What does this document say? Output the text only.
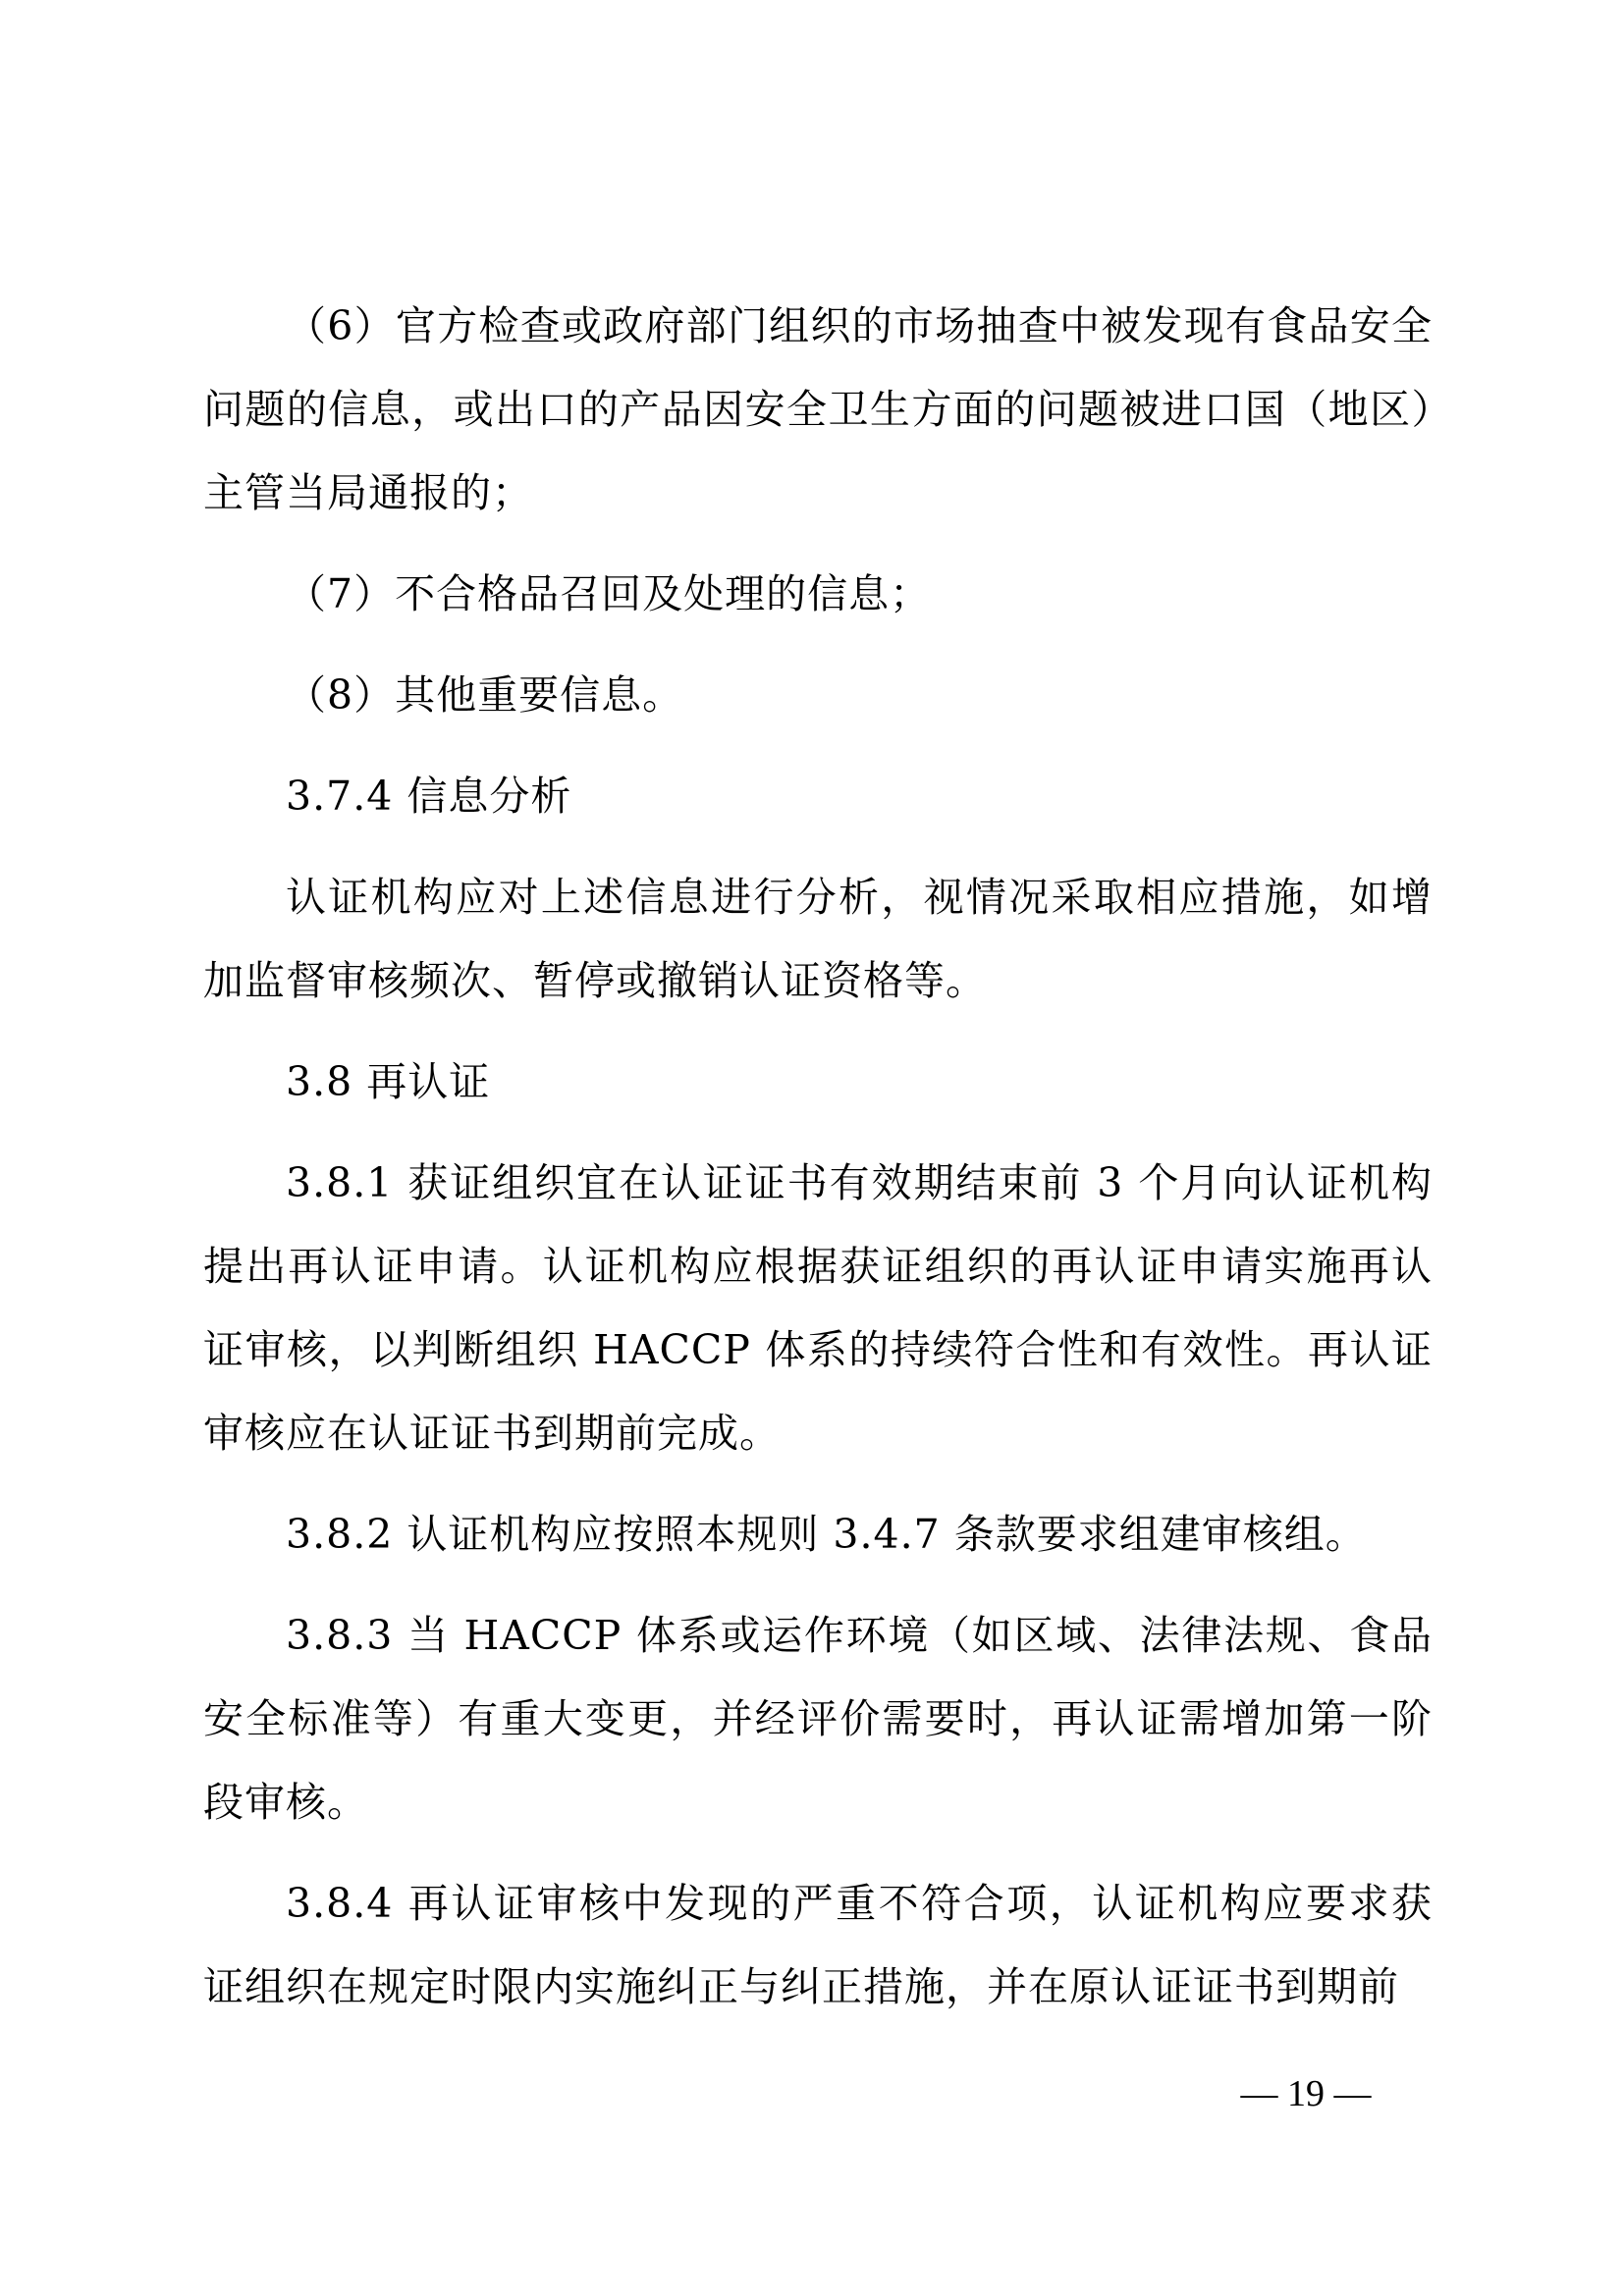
（6）官方检查或政府部门组织的市场抽查中被发现有食品安全问题的信息，或出口的产品因安全卫生方面的问题被进口国（地区）主管当局通报的；

（7）不合格品召回及处理的信息；

（8）其他重要信息。

3.7.4 信息分析

认证机构应对上述信息进行分析，视情况采取相应措施，如增加监督审核频次、暂停或撤销认证资格等。

3.8 再认证

3.8.1 获证组织宜在认证证书有效期结束前 3 个月向认证机构提出再认证申请。认证机构应根据获证组织的再认证申请实施再认证审核，以判断组织 HACCP 体系的持续符合性和有效性。再认证审核应在认证证书到期前完成。

3.8.2 认证机构应按照本规则 3.4.7 条款要求组建审核组。

3.8.3 当 HACCP 体系或运作环境（如区域、法律法规、食品安全标准等）有重大变更，并经评价需要时，再认证需增加第一阶段审核。

3.8.4 再认证审核中发现的严重不符合项，认证机构应要求获证组织在规定时限内实施纠正与纠正措施，并在原认证证书到期前

— 19 —
